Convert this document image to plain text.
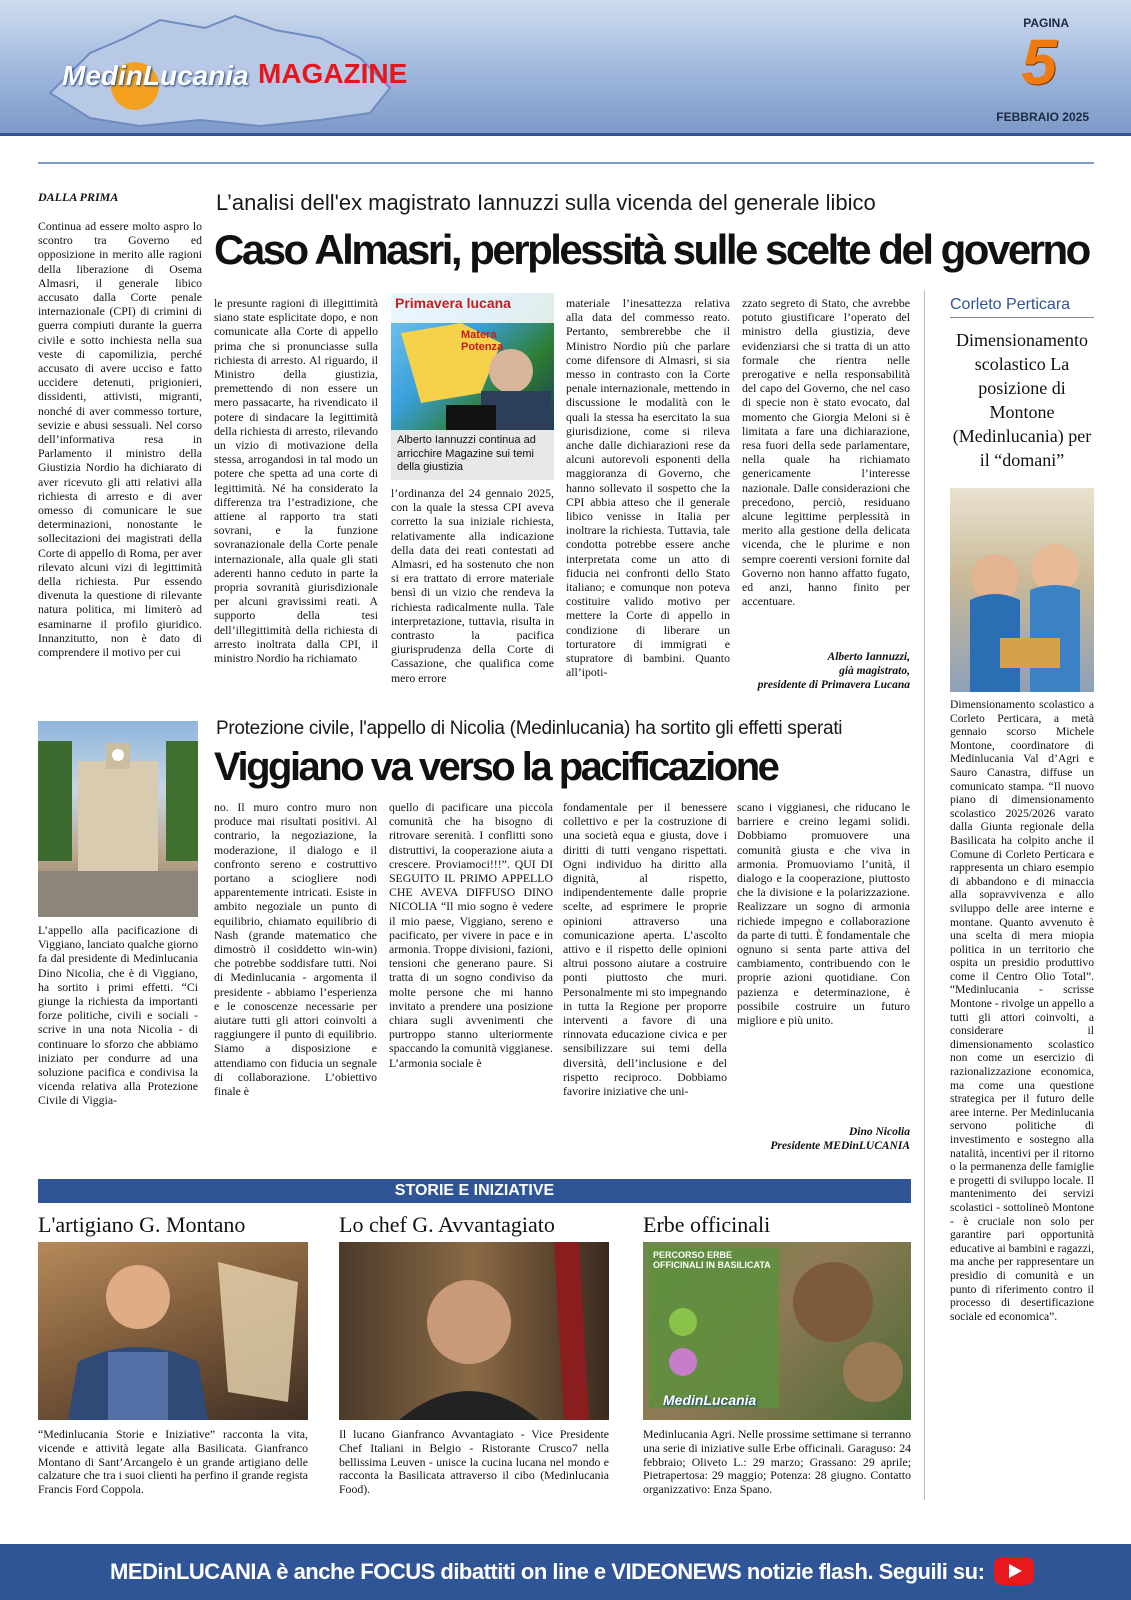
MedinLucania MAGAZINE
PAGINA
5
FEBBRAIO 2025
DALLA PRIMA	L’analisi dell'ex magistrato Iannuzzi sulla vicenda del generale libico
Caso Almasri, perplessità sulle scelte del governo
Continua ad essere molto aspro lo scontro tra Governo ed opposizione in merito alle ragioni della liberazione di Osema Almasri, il generale libico accusato dalla Corte penale internazionale (CPI) di crimini di guerra compiuti durante la guerra civile e sotto inchiesta nella sua veste di capomilizia, perché accusato di avere ucciso e fatto uccidere detenuti, prigionieri, dissidenti, attivisti, migranti, nonché di aver commesso torture, sevizie e abusi sessuali. Nel corso dell’informativa resa in Parlamento il ministro della Giustizia Nordio ha dichiarato di aver ricevuto gli atti relativi alla richiesta di arresto e di aver omesso di comunicare le sue determinazioni, nonostante le sollecitazioni dei magistrati della Corte di appello di Roma, per aver rilevato alcuni vizi di legittimità della richiesta. Pur essendo divenuta la questione di rilevante natura politica, mi limiterò ad esaminarne il profilo giuridico. Innanzitutto, non è dato di comprendere il motivo per cui
le presunte ragioni di illegittimità siano state esplicitate dopo, e non comunicate alla Corte di appello prima che si pronunciasse sulla richiesta di arresto. Al riguardo, il Ministro della giustizia, premettendo di non essere un mero passacarte, ha rivendicato il potere di sindacare la legittimità della richiesta di arresto, rilevando un vizio di motivazione della stessa, arrogandosi in tal modo un potere che spetta ad una corte di legittimità. Né ha considerato la differenza tra l’estradizione, che attiene al rapporto tra stati sovrani, e la funzione sovranazionale della Corte penale internazionale, alla quale gli stati aderenti hanno ceduto in parte la propria sovranità giurisdizionale per alcuni gravissimi reati. A supporto della tesi dell’illegittimità della richiesta di arresto inoltrata dalla CPI, il ministro Nordio ha richiamato
Primavera lucana
Matera Potenza
Alberto Iannuzzi continua ad arricchire Magazine sui temi della giustizia
l’ordinanza del 24 gennaio 2025, con la quale la stessa CPI aveva corretto la sua iniziale richiesta, relativamente alla indicazione della data dei reati contestati ad Almasri, ed ha sostenuto che non si era trattato di errore materiale bensì di un vizio che rendeva la richiesta radicalmente nulla. Tale interpretazione, tuttavia, risulta in contrasto la pacifica giurisprudenza della Corte di Cassazione, che qualifica come mero errore
materiale l’inesattezza relativa alla data del commesso reato. Pertanto, sembrerebbe che il Ministro Nordio più che parlare come difensore di Almasri, si sia messo in contrasto con la Corte penale internazionale, mettendo in discussione le modalità con le quali la stessa ha esercitato la sua giurisdizione, come si rileva anche dalle dichiarazioni rese da alcuni autorevoli esponenti della maggioranza di Governo, che hanno sollevato il sospetto che la CPI abbia atteso che il generale libico venisse in Italia per inoltrare la richiesta. Tuttavia, tale condotta potrebbe essere anche interpretata come un atto di fiducia nei confronti dello Stato italiano; e comunque non poteva costituire valido motivo per mettere la Corte di appello in condizione di liberare un torturatore di immigrati e stupratore di bambini. Quanto all’ipoti-
zzato segreto di Stato, che avrebbe potuto giustificare l’operato del ministro della giustizia, deve evidenziarsi che si tratta di un atto formale che rientra nelle prerogative e nella responsabilità del capo del Governo, che nel caso di specie non è stato evocato, dal momento che Giorgia Meloni si è limitata a fare una dichiarazione, resa fuori della sede parlamentare, nella quale ha richiamato genericamente l’interesse nazionale. Dalle considerazioni che precedono, perciò, residuano alcune legittime perplessità in merito alla gestione della delicata vicenda, che le plurime e non sempre coerenti versioni fornite dal Governo non hanno affatto fugato, ed anzi, hanno finito per accentuare.
Alberto Iannuzzi,
già magistrato,
presidente di Primavera Lucana
Corleto Perticara
Dimensionamento scolastico La posizione di Montone (Medinlucania) per il “domani”
Dimensionamento scolastico a Corleto Perticara, a metà gennaio scorso Michele Montone, coordinatore di Medinlucania Val d’Agri e Sauro Canastra, diffuse un comunicato stampa. “Il nuovo piano di dimensionamento scolastico 2025/2026 varato dalla Giunta regionale della Basilicata ha colpito anche il Comune di Corleto Perticara e rappresenta un chiaro esempio di abbandono e di minaccia alla sopravvivenza e allo sviluppo delle aree interne e montane. Quanto avvenuto è una scelta di mera miopia politica in un territorio che ospita un presidio produttivo come il Centro Olio Total”. “Medinlucania - scrisse Montone - rivolge un appello a tutti gli attori coinvolti, a considerare il dimensionamento scolastico non come un esercizio di razionalizzazione economica, ma come una questione strategica per il futuro delle aree interne. Per Medinlucania servono politiche di investimento e sostegno alla natalità, incentivi per il ritorno o la permanenza delle famiglie e progetti di sviluppo locale. Il mantenimento dei servizi scolastici - sottolineò Montone - è cruciale non solo per garantire pari opportunità educative ai bambini e ragazzi, ma anche per rappresentare un presidio di comunità e un punto di riferimento contro il processo di desertificazione sociale ed economica”.
L’appello alla pacificazione di Viggiano, lanciato qualche giorno fa dal presidente di Medinlucania Dino Nicolia, che è di Viggiano, ha sortito i primi effetti. “Ci giunge la richiesta da importanti forze politiche, civili e sociali - scrive in una nota Nicolia - di continuare lo sforzo che abbiamo iniziato per condurre ad una soluzione pacifica e condivisa la vicenda relativa alla Protezione Civile di Viggia-
Protezione civile, l'appello di Nicolia (Medinlucania) ha sortito gli effetti sperati
Viggiano va verso la pacificazione
no. Il muro contro muro non produce mai risultati positivi. Al contrario, la negoziazione, la moderazione, il dialogo e il confronto sereno e costruttivo portano a sciogliere nodi apparentemente intricati. Esiste in ambito negoziale un punto di equilibrio, chiamato equilibrio di Nash (grande matematico che dimostrò il cosiddetto win-win) che potrebbe soddisfare tutti. Noi di Medinlucania - argomenta il presidente - abbiamo l’esperienza e le conoscenze necessarie per aiutare tutti gli attori coinvolti a raggiungere il punto di equilibrio. Siamo a disposizione e attendiamo con fiducia un segnale di collaborazione. L’obiettivo finale è
quello di pacificare una piccola comunità che ha bisogno di ritrovare serenità. I conflitti sono distruttivi, la cooperazione aiuta a crescere. Proviamoci!!!”. QUI DI SEGUITO IL PRIMO APPELLO CHE AVEVA DIFFUSO DINO NICOLIA “Il mio sogno è vedere il mio paese, Viggiano, sereno e pacificato, per vivere in pace e in armonia. Troppe divisioni, fazioni, tensioni che generano paure. Si tratta di un sogno condiviso da molte persone che mi hanno invitato a prendere una posizione chiara sugli avvenimenti che purtroppo stanno ulteriormente spaccando la comunità viggianese. L’armonia sociale è
fondamentale per il benessere collettivo e per la costruzione di una società equa e giusta, dove i diritti di tutti vengano rispettati. Ogni individuo ha diritto alla dignità, al rispetto, indipendentemente dalle proprie scelte, ad esprimere le proprie opinioni attraverso una comunicazione aperta. L’ascolto attivo e il rispetto delle opinioni altrui possono aiutare a costruire ponti piuttosto che muri. Personalmente mi sto impegnando in tutta la Regione per proporre interventi a favore di una rinnovata educazione civica e per sensibilizzare sui temi della diversità, dell’inclusione e del rispetto reciproco. Dobbiamo favorire iniziative che uni-
scano i viggianesi, che riducano le barriere e creino legami solidi. Dobbiamo promuovere una comunità giusta e che viva in armonia. Promuoviamo l’unità, il dialogo e la cooperazione, piuttosto che la divisione e la polarizzazione. Realizzare un sogno di armonia richiede impegno e collaborazione da parte di tutti. È fondamentale che ognuno si senta parte attiva del cambiamento, contribuendo con le proprie azioni quotidiane. Con pazienza e determinazione, è possibile costruire un futuro migliore e più unito.
Dino Nicolia
Presidente MEDinLUCANIA
STORIE E INIZIATIVE
L'artigiano G. Montano
“Medinlucania Storie e Iniziative” racconta la vita, vicende e attività legate alla Basilicata. Gianfranco Montano di Sant’Arcangelo è un grande artigiano delle calzature che tra i suoi clienti ha perfino il grande regista Francis Ford Coppola.
Lo chef G. Avvantagiato
Il lucano Gianfranco Avvantagiato - Vice Presidente Chef Italiani in Belgio - Ristorante Crusco7 nella bellissima Leuven - unisce la cucina lucana nel mondo e racconta la Basilicata attraverso il cibo (Medinlucania Food).
Erbe officinali
PERCORSO ERBE OFFICINALI IN BASILICATA
MedinLucania
Medinlucania Agri. Nelle prossime settimane si terranno una serie di iniziative sulle Erbe officinali. Garaguso: 24 febbraio; Oliveto L.: 29 marzo; Grassano: 29 aprile; Pietrapertosa: 29 maggio; Potenza: 28 giugno. Contatto organizzativo: Enza Spano.
MEDinLUCANIA è anche FOCUS dibattiti on line e VIDEONEWS notizie flash. Seguili su:
